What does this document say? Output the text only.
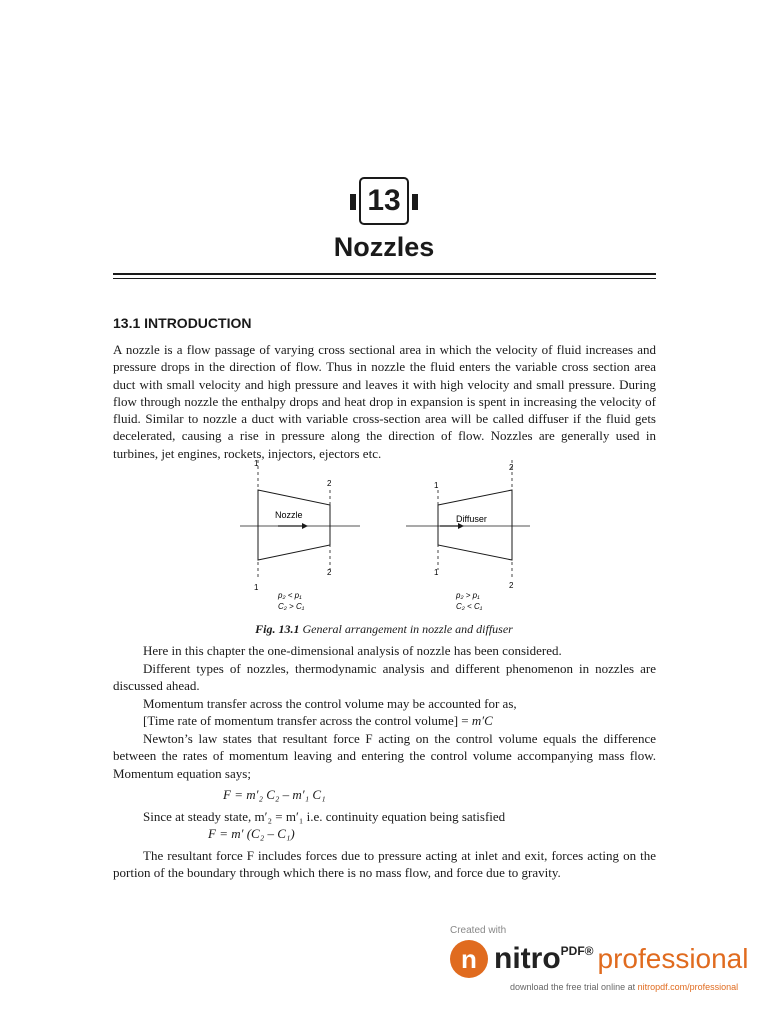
13
Nozzles
13.1 INTRODUCTION

A nozzle is a flow passage of varying cross sectional area in which the velocity of fluid increases and pressure drops in the direction of flow. Thus in nozzle the fluid enters the variable cross section area duct with small velocity and high pressure and leaves it with high velocity and small pressure. During flow through nozzle the enthalpy drops and heat drop in expansion is spent in increasing the velocity of fluid. Similar to nozzle a duct with variable cross-section area will be called diffuser if the fluid gets decelerated, causing a rise in pressure along the direction of flow. Nozzles are generally used in turbines, jet engines, rockets, injectors, ejectors etc.

Nozzle
1
2
1
2
p₂ < p₁
C₂ > C₁
Diffuser
1
2
1
2
p₂ > p₁
C₂ < C₁
Fig. 13.1 General arrangement in nozzle and diffuser

Here in this chapter the one-dimensional analysis of nozzle has been considered.

Different types of nozzles, thermodynamic analysis and different phenomenon in nozzles are discussed ahead.

Momentum transfer across the control volume may be accounted for as,

[Time rate of momentum transfer across the control volume] = m′C

Newton’s law states that resultant force F acting on the control volume equals the difference between the rates of momentum leaving and entering the control volume accompanying mass flow. Momentum equation says;

F = m′₂ C₂ – m′₁ C₁

Since at steady state, m′₂ = m′₁ i.e. continuity equation being satisfied

F = m′ (C₂ – C₁)

The resultant force F includes forces due to pressure acting at inlet and exit, forces acting on the portion of the boundary through which there is no mass flow, and force due to gravity.

Created with
n nitro PDF® professional
download the free trial online at nitropdf.com/professional
